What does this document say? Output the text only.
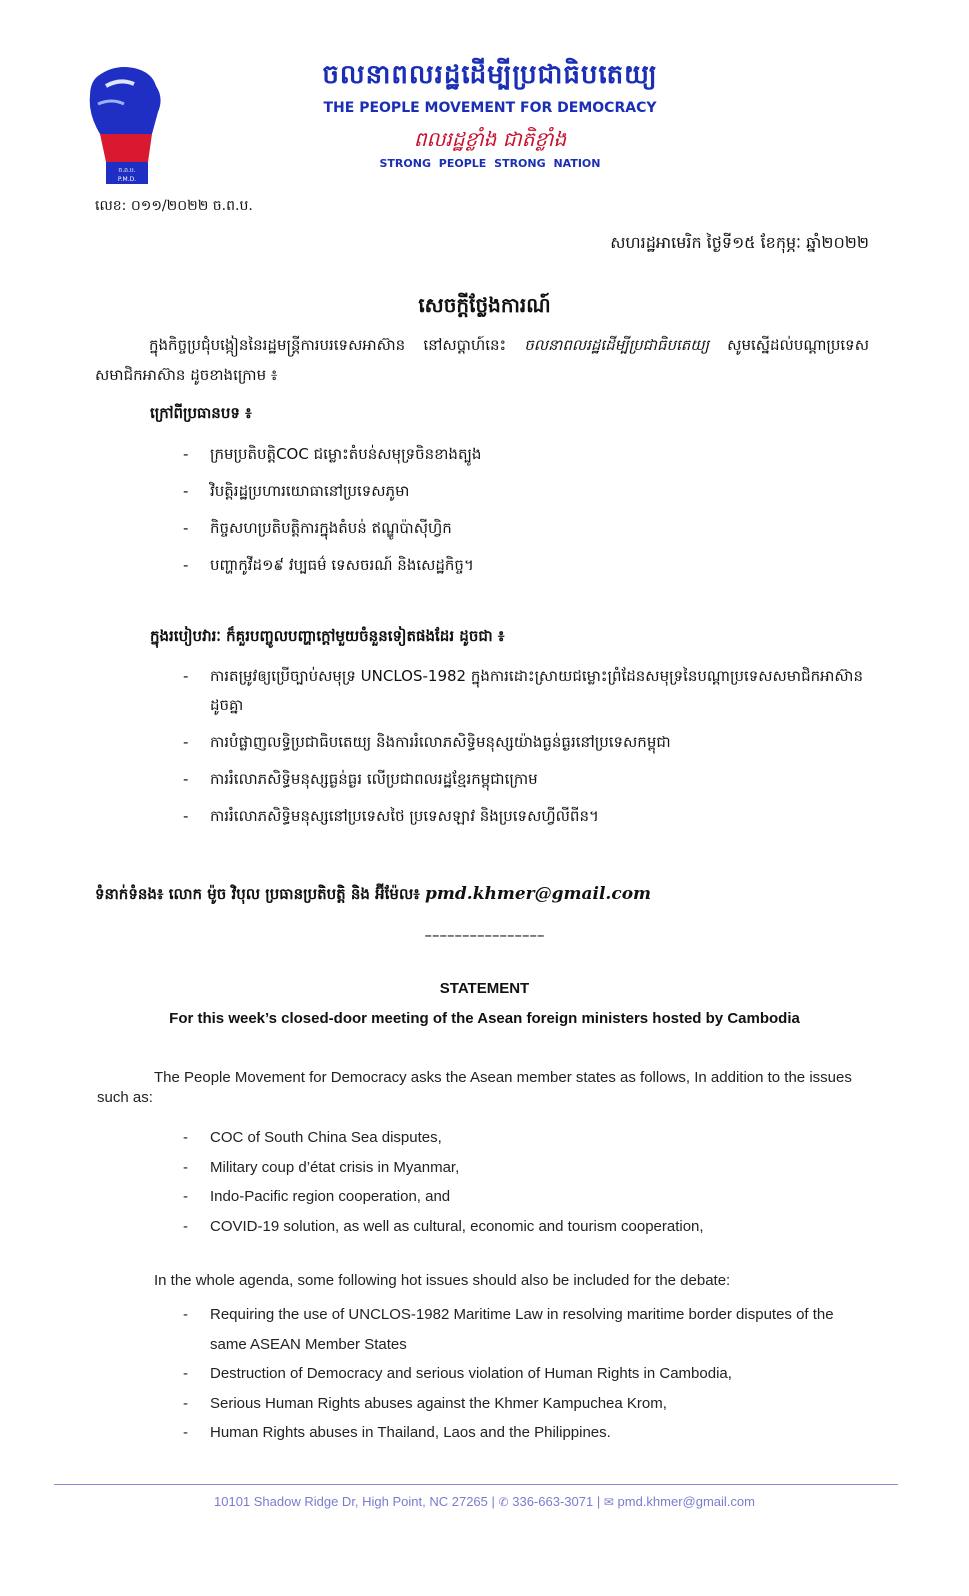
ច.ព.ប.
P.M.D.
ចលនាពលរដ្ឋដើម្បីប្រជាធិបតេយ្យ
THE PEOPLE MOVEMENT FOR DEMOCRACY
ពលរដ្ឋខ្លាំង ជាតិខ្លាំង
STRONG PEOPLE STRONG NATION
លេខ: ០១១/២០២២ ច.ព.ប.
សហរដ្ឋអាមេរិក ថ្ងៃទី១៥ ខែកុម្ភៈ ឆ្នាំ២០២២
សេចក្តីថ្លែងការណ៍
ក្នុងកិច្ចប្រជុំបង្កៀននៃរដ្ឋមន្ត្រីការបរទេសអាស៊ាន នៅសប្តាហ៍នេះ ចលនាពលរដ្ឋដើម្បីប្រជាធិបតេយ្យ សូមស្នើដល់បណ្តាប្រទេសសមាជិកអាស៊ាន ដូចខាងក្រោម ៖
ក្រៅពីប្រធានបទ ៖
- ក្រមប្រតិបត្តិCOC ជម្លោះតំបន់សមុទ្រចិនខាងត្បូង
- វិបត្តិរដ្ឋប្រហារយោធានៅប្រទេសភូមា
- កិច្ចសហប្រតិបត្តិការក្នុងតំបន់ ឥណ្ឌូប៉ាស៊ីហ្វិក
- បញ្ហាកូវីដ១៩ វប្បធម៌ ទេសចរណ៍ និងសេដ្ឋកិច្ច។
ក្នុងរបៀបវារៈ ក៏គួរបញ្ចូលបញ្ហាក្តៅមួយចំនួនទៀតផងដែរ ដូចជា ៖
- ការតម្រូវឲ្យប្រើច្បាប់សមុទ្រ UNCLOS-1982 ក្នុងការដោះស្រាយជម្លោះព្រំដែនសមុទ្រនៃបណ្តាប្រទេសសមាជិកអាស៊ានដូចគ្នា
- ការបំផ្លាញលទ្ធិប្រជាធិបតេយ្យ និងការរំលោភសិទ្ធិមនុស្សយ៉ាងធ្ងន់ធ្ងរនៅប្រទេសកម្ពុជា
- ការរំលោភសិទ្ធិមនុស្សធ្ងន់ធ្ងរ លើប្រជាពលរដ្ឋខ្មែរកម្ពុជាក្រោម
- ការរំលោភសិទ្ធិមនុស្សនៅប្រទេសថៃ ប្រទេសឡាវ និងប្រទេសហ្វីលីពីន។
ទំនាក់ទំនង៖ លោក ម៉ូច វិបុល ប្រធានប្រតិបត្តិ និង អ៊ីម៉ែល៖ pmd.khmer@gmail.com
––––––––––––––––
STATEMENT
For this week’s closed-door meeting of the Asean foreign ministers hosted by Cambodia
The People Movement for Democracy asks the Asean member states as follows, In addition to the issues such as:
- COC of South China Sea disputes,
- Military coup d’état crisis in Myanmar,
- Indo-Pacific region cooperation, and
- COVID-19 solution, as well as cultural, economic and tourism cooperation,
In the whole agenda, some following hot issues should also be included for the debate:
- Requiring the use of UNCLOS-1982 Maritime Law in resolving maritime border disputes of the same ASEAN Member States
- Destruction of Democracy and serious violation of Human Rights in Cambodia,
- Serious Human Rights abuses against the Khmer Kampuchea Krom,
- Human Rights abuses in Thailand, Laos and the Philippines.
10101 Shadow Ridge Dr, High Point, NC 27265 | ✆ 336-663-3071 | ✉ pmd.khmer@gmail.com
